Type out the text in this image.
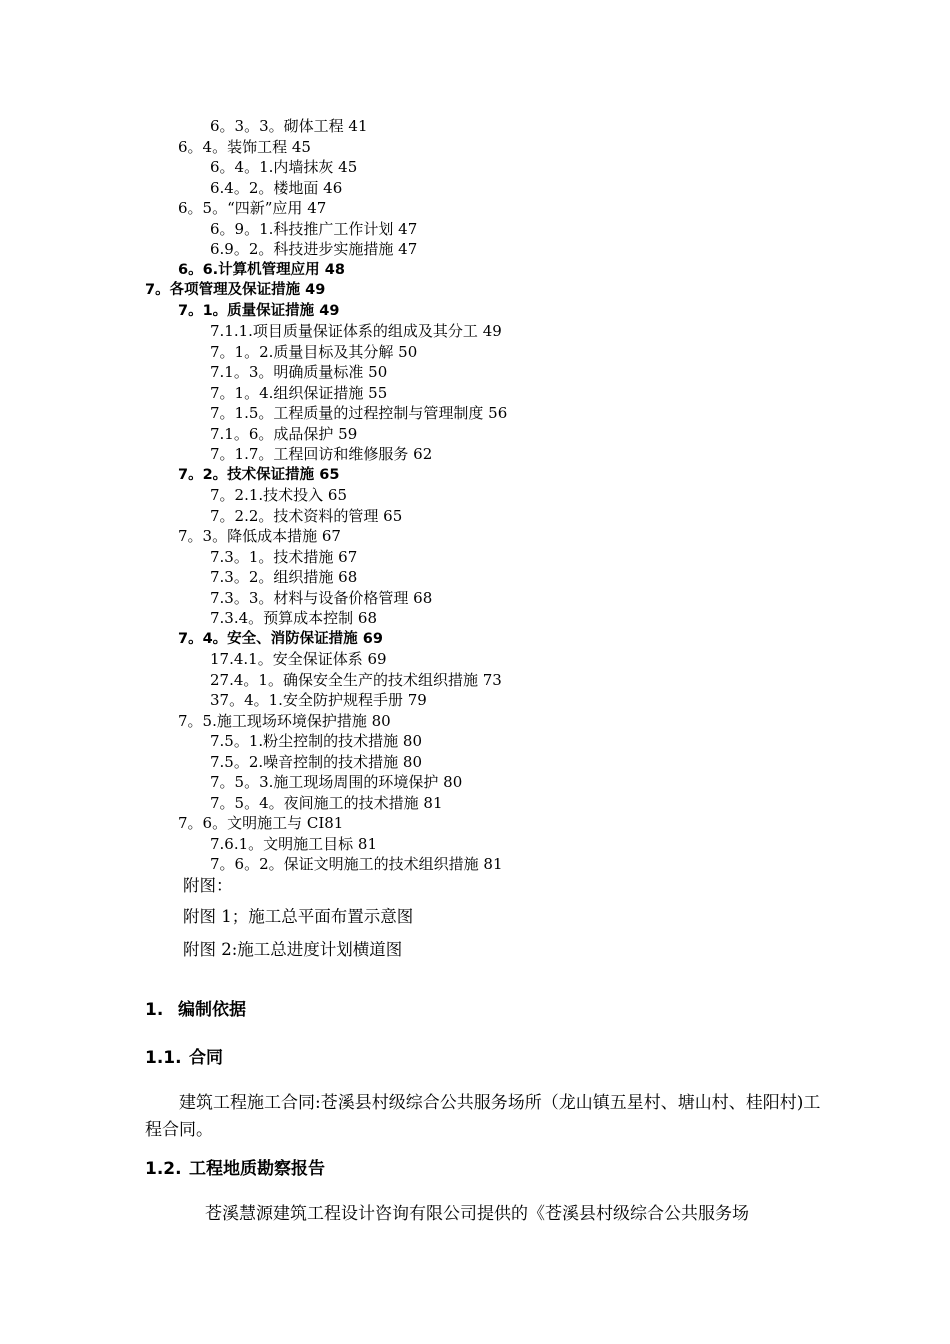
6。3。3。砌体工程 41
6。4。装饰工程 45
6。4。1.内墙抹灰 45
6.4。2。楼地面 46
6。5。“四新”应用 47
6。9。1.科技推广工作计划 47
6.9。2。科技进步实施措施 47
6。6.计算机管理应用 48
7。各项管理及保证措施 49
7。1。质量保证措施 49
7.1.1.项目质量保证体系的组成及其分工 49
7。1。2.质量目标及其分解 50
7.1。3。明确质量标准 50
7。1。4.组织保证措施 55
7。1.5。工程质量的过程控制与管理制度 56
7.1。6。成品保护 59
7。1.7。工程回访和维修服务 62
7。2。技术保证措施 65
7。2.1.技术投入 65
7。2.2。技术资料的管理 65
7。3。降低成本措施 67
7.3。1。技术措施 67
7.3。2。组织措施 68
7.3。3。材料与设备价格管理 68
7.3.4。预算成本控制 68
7。4。安全、消防保证措施 69
17.4.1。安全保证体系 69
27.4。1。确保安全生产的技术组织措施 73
37。4。1.安全防护规程手册 79
7。5.施工现场环境保护措施 80
7.5。1.粉尘控制的技术措施 80
7.5。2.噪音控制的技术措施 80
7。5。3.施工现场周围的环境保护 80
7。5。4。夜间施工的技术措施 81
7。6。文明施工与 CI81
7.6.1。文明施工目标 81
7。6。2。保证文明施工的技术组织措施 81
附图：
附图 1；施工总平面布置示意图
附图 2:施工总进度计划横道图
1. 编制依据
1.1. 合同
建筑工程施工合同:苍溪县村级综合公共服务场所（龙山镇五星村、塘山村、桂阳村)工程合同。
1.2. 工程地质勘察报告
苍溪慧源建筑工程设计咨询有限公司提供的《苍溪县村级综合公共服务场
